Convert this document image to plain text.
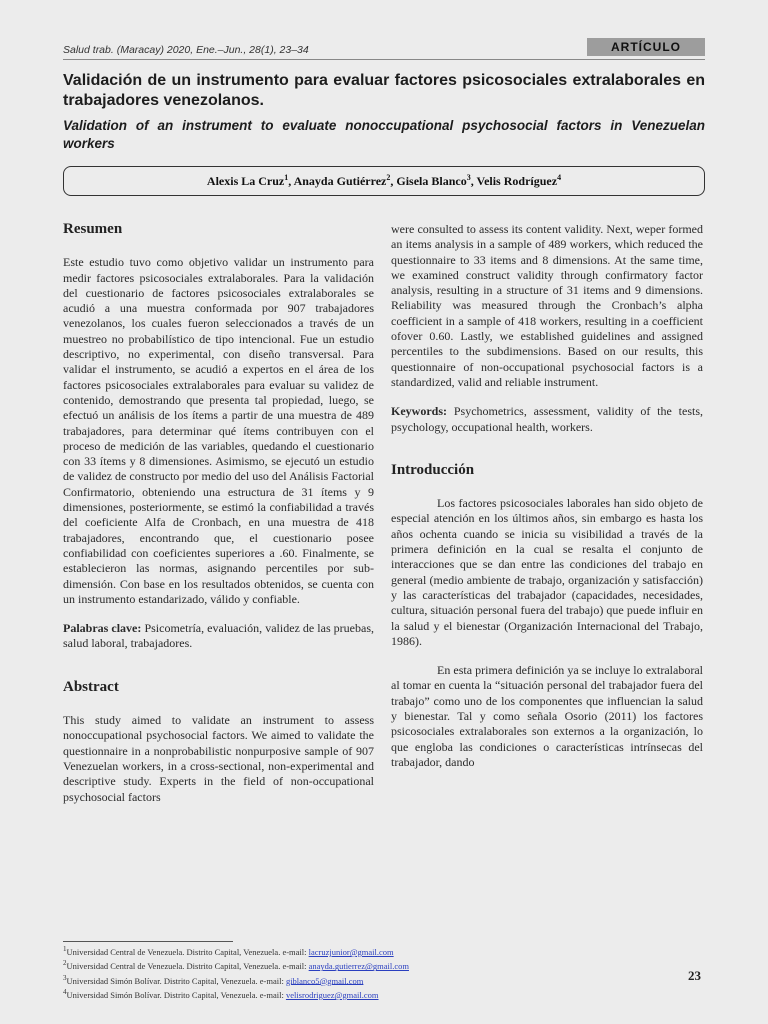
Salud trab. (Maracay) 2020, Ene.–Jun., 28(1), 23–34	ARTÍCULO
Validación de un instrumento para evaluar factores psicosociales extralaborales en trabajadores venezolanos.
Validation of an instrument to evaluate nonoccupational psychosocial factors in Venezuelan workers
Alexis La Cruz$^1$, Anayda Gutiérrez$^2$, Gisela Blanco$^3$, Velis Rodríguez$^4$
Resumen

Este estudio tuvo como objetivo validar un instrumento para medir factores psicosociales extralaborales. Para la validación del cuestionario de factores psicosociales extralaborales se acudió a una muestra conformada por 907 trabajadores venezolanos, los cuales fueron seleccionados a través de un muestreo no probabilístico de tipo intencional. Fue un estudio descriptivo, no experimental, con diseño transversal. Para validar el instrumento, se acudió a expertos en el área de los factores psicosociales extralaborales para evaluar su validez de contenido, demostrando que presenta tal propiedad, luego, se efectuó un análisis de los ítems a partir de una muestra de 489 trabajadores, para determinar qué ítems contribuyen con el proceso de medición de las variables, quedando el cuestionario con 33 ítems y 8 dimensiones. Asimismo, se ejecutó un estudio de validez de constructo por medio del uso del Análisis Factorial Confirmatorio, obteniendo una estructura de 31 ítems y 9 dimensiones, posteriormente, se estimó la confiabilidad a través del coeficiente Alfa de Cronbach, en una muestra de 418 trabajadores, encontrando que, el cuestionario posee confiabilidad con coeficientes superiores a .60. Finalmente, se establecieron las normas, asignando percentiles por sub-dimensión. Con base en los resultados obtenidos, se cuenta con un instrumento estandarizado, válido y confiable.

Palabras clave: Psicometría, evaluación, validez de las pruebas, salud laboral, trabajadores.

Abstract

This study aimed to validate an instrument to assess nonoccupational psychosocial factors. We aimed to validate the questionnaire in a nonprobabilistic nonpurposive sample of 907 Venezuelan workers, in a cross-sectional, non-experimental and descriptive study. Experts in the field of non-occupational psychosocial factors

were consulted to assess its content validity. Next, weper formed an items analysis in a sample of 489 workers, which reduced the questionnaire to 33 items and 8 dimensions. At the same time, we examined construct validity through confirmatory factor analysis, resulting in a structure of 31 items and 9 dimensions. Reliability was measured through the Cronbach’s alpha coefficient in a sample of 418 workers, resulting in a coefficient ofover 0.60. Lastly, we established guidelines and assigned percentiles to the subdimensions. Based on our results, this questionnaire of non-occupational psychosocial factors is a standardized, valid and reliable instrument.

Keywords: Psychometrics, assessment, validity of the tests, psychology, occupational health, workers.

Introducción

Los factores psicosociales laborales han sido objeto de especial atención en los últimos años, sin embargo es hasta los años ochenta cuando se inicia su visibilidad a través de la primera definición en la cual se resalta el conjunto de interacciones que se dan entre las condiciones del trabajo en general (medio ambiente de trabajo, organización y satisfacción) y las características del trabajador (capacidades, necesidades, cultura, situación personal fuera del trabajo) que puede influir en la salud y el bienestar (Organización Internacional del Trabajo, 1986).

En esta primera definición ya se incluye lo extralaboral al tomar en cuenta la “situación personal del trabajador fuera del trabajo” como uno de los componentes que influencian la salud y bienestar. Tal y como señala Osorio (2011) los factores psicosociales extralaborales son externos a la organización, lo que engloba las condiciones o características intrínsecas del trabajador, dando

$^1$Universidad Central de Venezuela. Distrito Capital, Venezuela. e-mail: lacruzjunior@gmail.com
$^2$Universidad Central de Venezuela. Distrito Capital, Venezuela. e-mail: anayda.gutierrez@gmail.com
$^3$Universidad Simón Bolívar. Distrito Capital, Venezuela. e-mail: giblanco5@gmail.com
$^4$Universidad Simón Bolívar. Distrito Capital, Venezuela. e-mail: velisrodriguez@gmail.com
23
